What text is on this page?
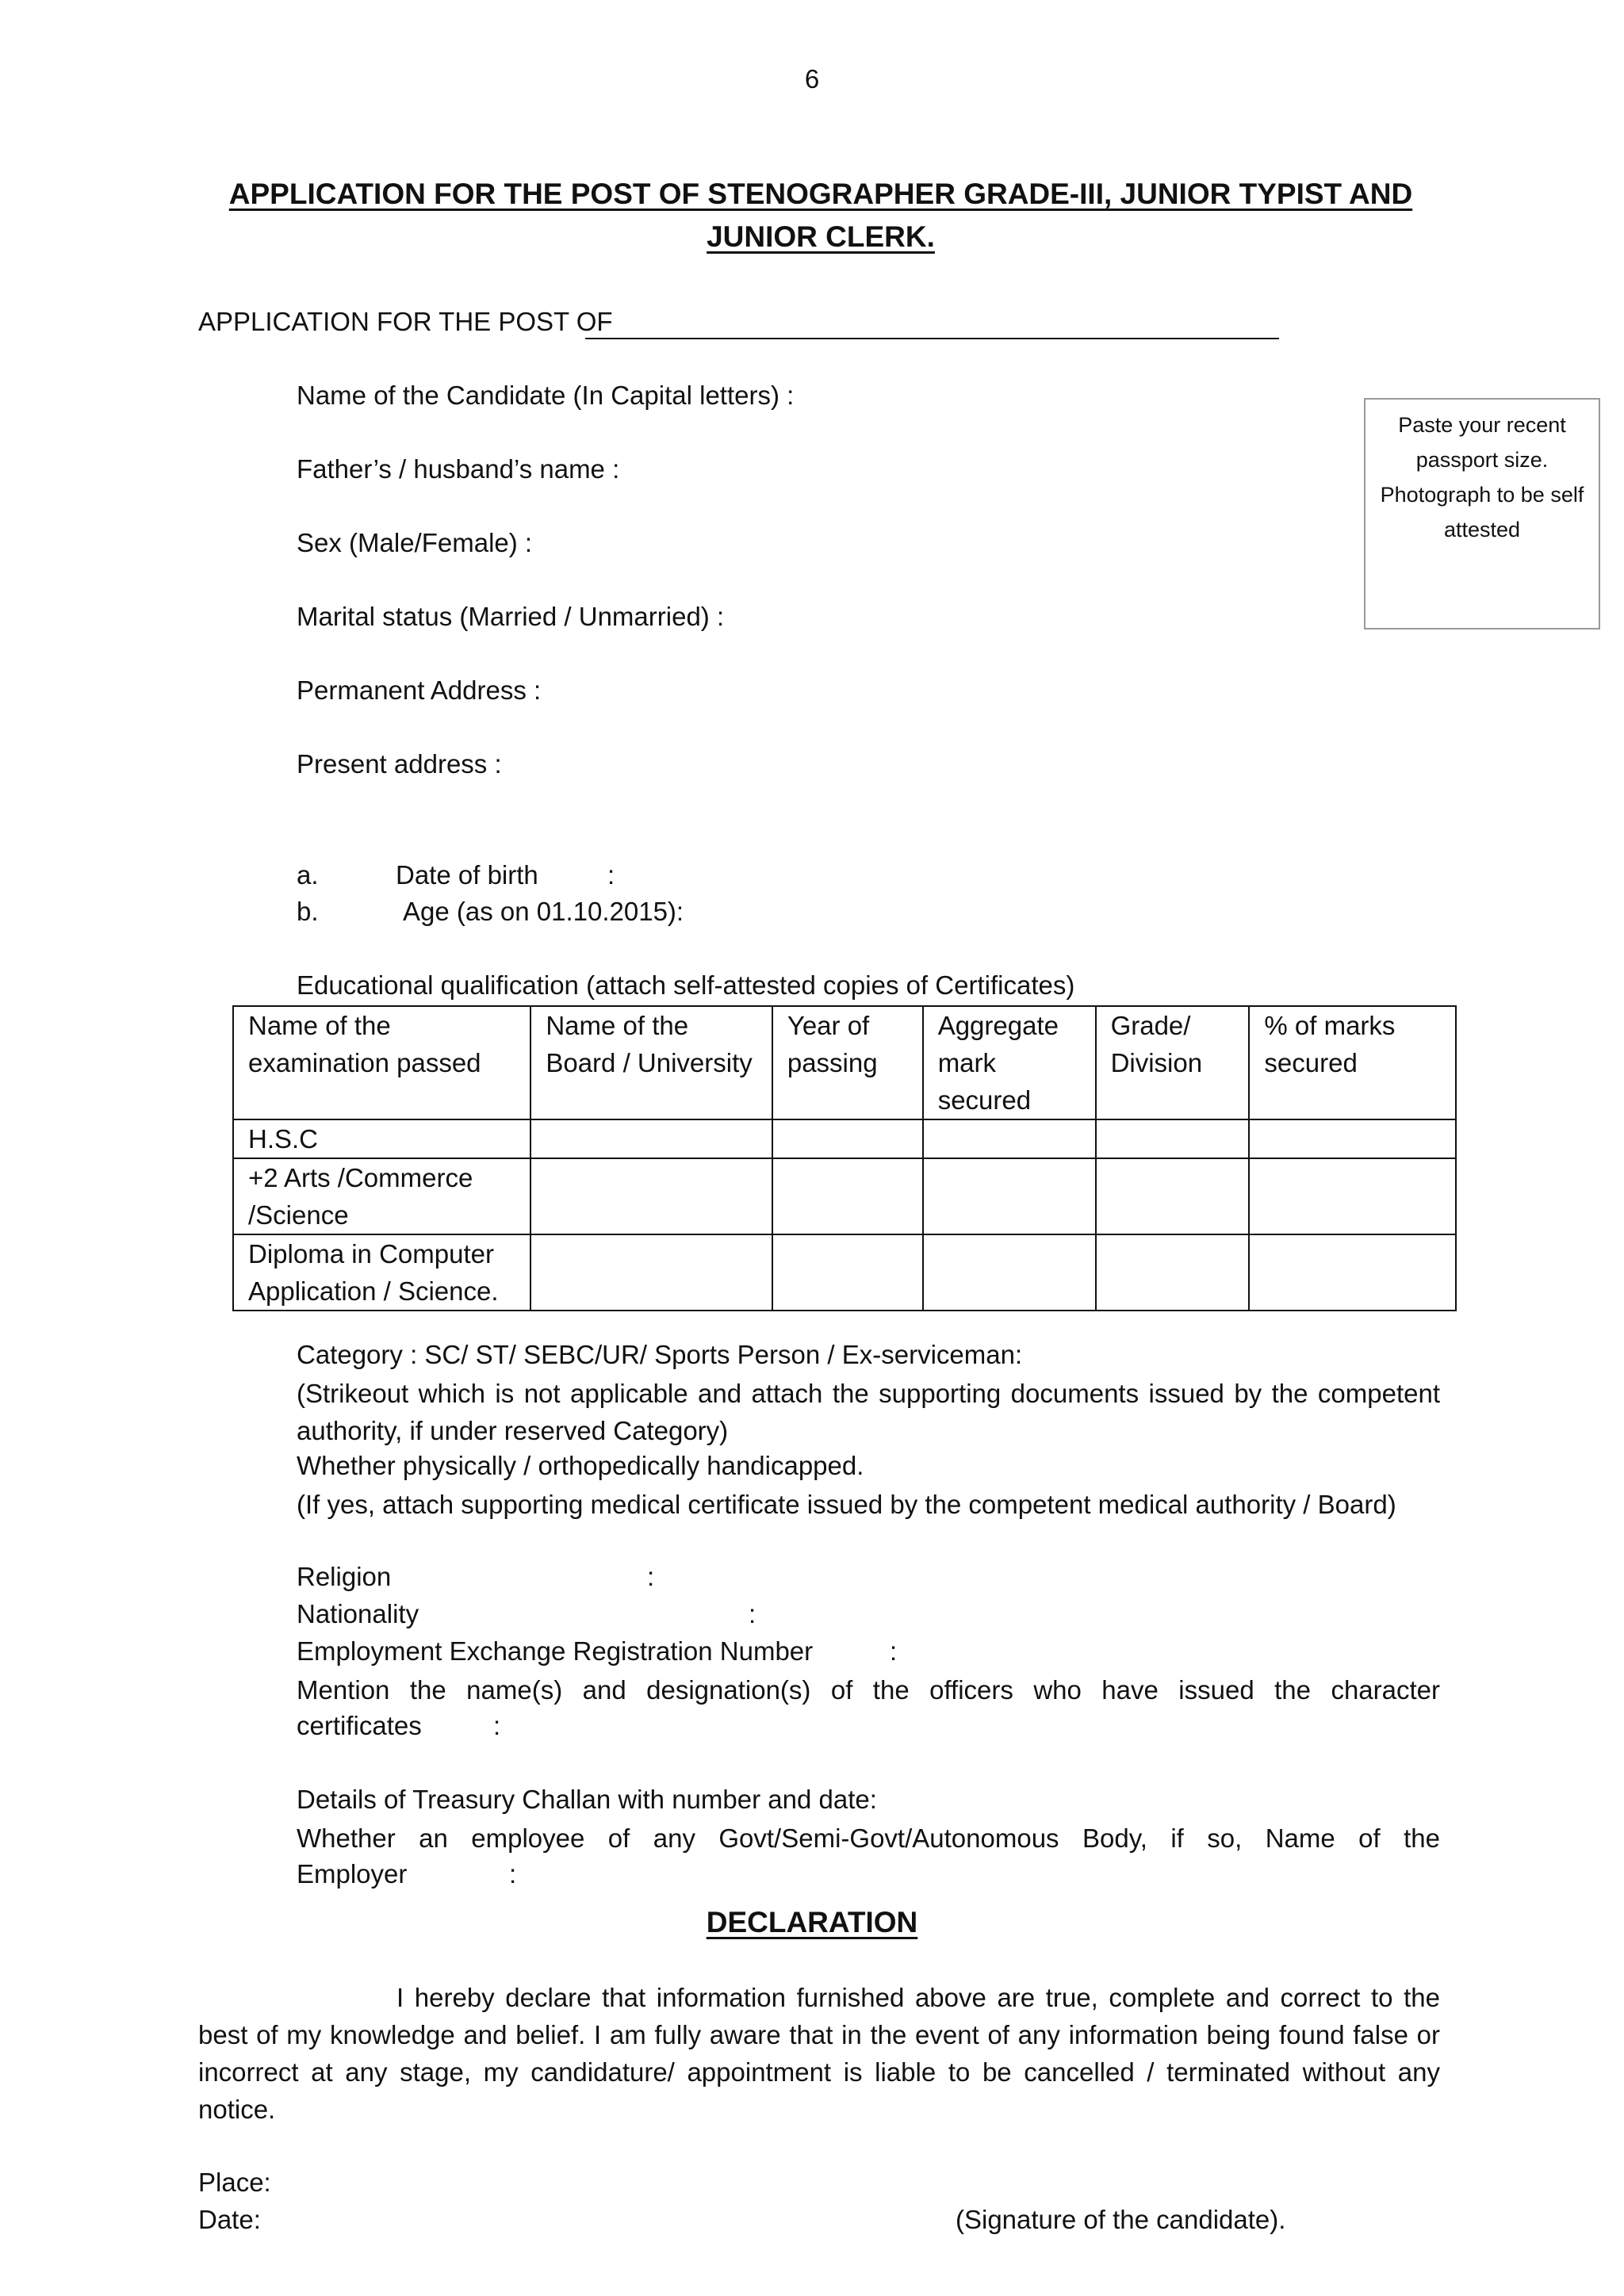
6
APPLICATION FOR THE POST OF STENOGRAPHER GRADE-III, JUNIOR TYPIST AND JUNIOR CLERK.
APPLICATION FOR THE POST OF
Name of the Candidate (In Capital letters) :
Father’s / husband’s name :
Sex (Male/Female) :
Marital status (Married / Unmarried) :
Permanent Address :
Present address :
Paste your recent passport size. Photograph to be self attested
a.	Date of birth	:
b.	Age (as on 01.10.2015):
Educational qualification (attach self-attested copies of Certificates)
Name of the examination passed	Name of the Board / University	Year of passing	Aggregate mark secured	Grade/ Division	% of marks secured
H.S.C					
+2 Arts /Commerce /Science					
Diploma in Computer Application / Science.					
Category : SC/ ST/ SEBC/UR/ Sports Person / Ex-serviceman:
(Strikeout which is not applicable and attach the supporting documents issued by the competent authority, if under reserved Category)
Whether physically / orthopedically handicapped.
(If yes, attach supporting medical certificate issued by the competent medical authority / Board)
Religion	:
Nationality	:
Employment Exchange Registration Number	:
Mention the name(s) and designation(s) of the officers who have issued the character
certificates	:
Details of Treasury Challan with number and date:
Whether an employee of any Govt/Semi-Govt/Autonomous Body, if so, Name of the
Employer	:
DECLARATION
I hereby declare that information furnished above are true, complete and correct to the best of my knowledge and belief. I am fully aware that in the event of any information being found false or incorrect at any stage, my candidature/ appointment is liable to be cancelled / terminated without any notice.
Place:
Date:	(Signature of the candidate).
